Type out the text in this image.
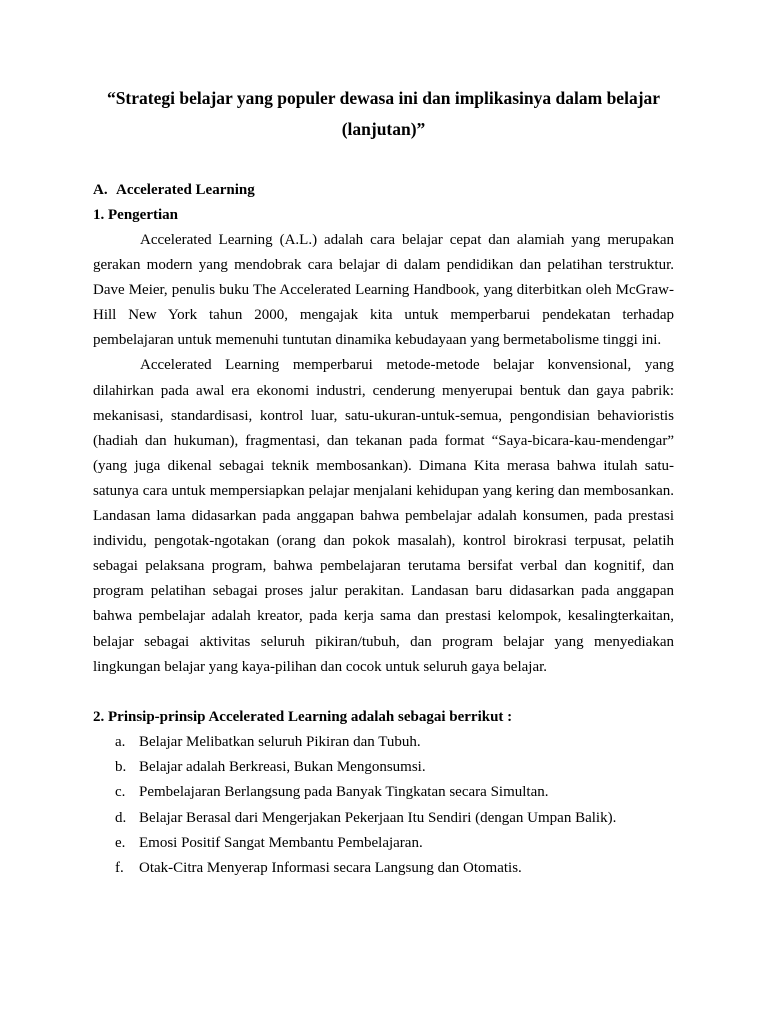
“Strategi belajar yang populer dewasa ini dan implikasinya dalam belajar
(lanjutan)”
A. Accelerated Learning
1. Pengertian

Accelerated Learning (A.L.) adalah cara belajar cepat dan alamiah yang merupakan gerakan modern yang mendobrak cara belajar di dalam pendidikan dan pelatihan terstruktur. Dave Meier, penulis buku The Accelerated Learning Handbook, yang diterbitkan oleh McGraw-Hill New York tahun 2000, mengajak kita untuk memperbarui pendekatan terhadap pembelajaran untuk memenuhi tuntutan dinamika kebudayaan yang bermetabolisme tinggi ini.

Accelerated Learning memperbarui metode-metode belajar konvensional, yang dilahirkan pada awal era ekonomi industri, cenderung menyerupai bentuk dan gaya pabrik: mekanisasi, standardisasi, kontrol luar, satu-ukuran-untuk-semua, pengondisian behavioristis (hadiah dan hukuman), fragmentasi, dan tekanan pada format “Saya-bicara-kau-mendengar” (yang juga dikenal sebagai teknik membosankan). Dimana Kita merasa bahwa itulah satu-satunya cara untuk mempersiapkan pelajar menjalani kehidupan yang kering dan membosankan. Landasan lama didasarkan pada anggapan bahwa pembelajar adalah konsumen, pada prestasi individu, pengotak-ngotakan (orang dan pokok masalah), kontrol birokrasi terpusat, pelatih sebagai pelaksana program, bahwa pembelajaran terutama bersifat verbal dan kognitif, dan program pelatihan sebagai proses jalur perakitan. Landasan baru didasarkan pada anggapan bahwa pembelajar adalah kreator, pada kerja sama dan prestasi kelompok, kesalingterkaitan, belajar sebagai aktivitas seluruh pikiran/tubuh, dan program belajar yang menyediakan lingkungan belajar yang kaya-pilihan dan cocok untuk seluruh gaya belajar.

2. Prinsip-prinsip Accelerated Learning adalah sebagai berrikut :
a. Belajar Melibatkan seluruh Pikiran dan Tubuh.
b. Belajar adalah Berkreasi, Bukan Mengonsumsi.
c. Pembelajaran Berlangsung pada Banyak Tingkatan secara Simultan.
d. Belajar Berasal dari Mengerjakan Pekerjaan Itu Sendiri (dengan Umpan Balik).
e. Emosi Positif Sangat Membantu Pembelajaran.
f.	Otak-Citra Menyerap Informasi secara Langsung dan Otomatis.
